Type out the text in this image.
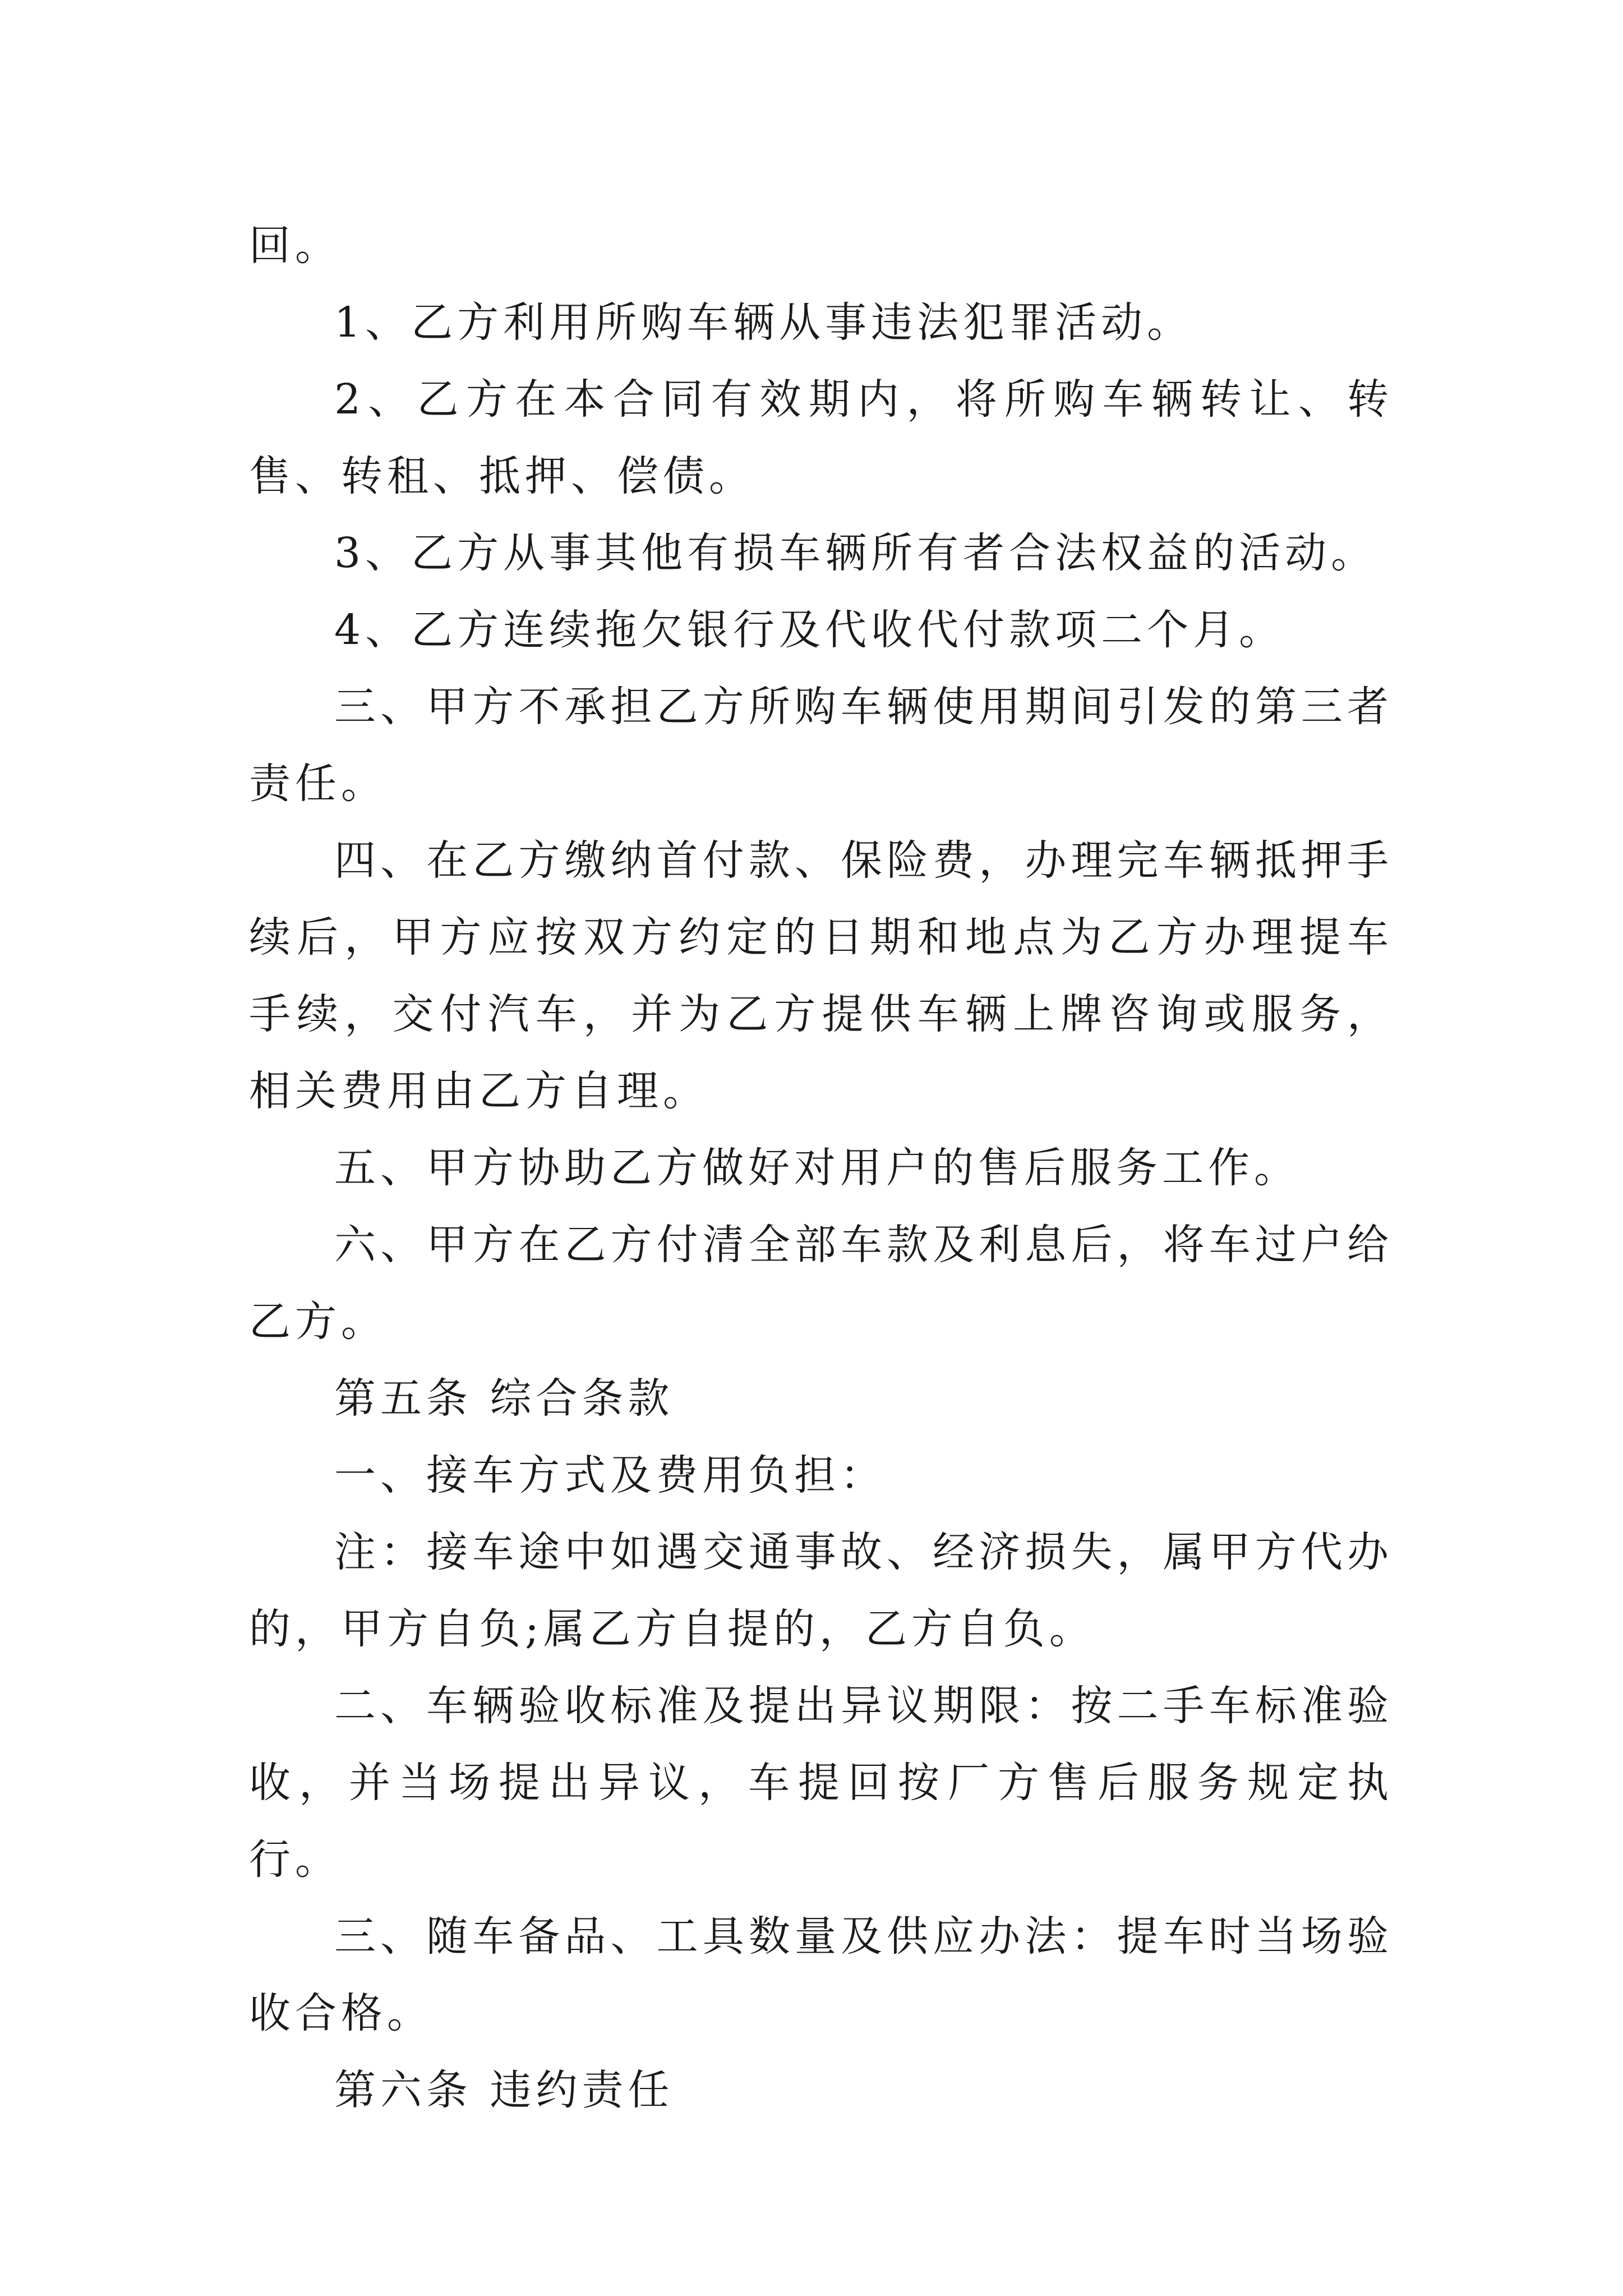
回。

1、乙方利用所购车辆从事违法犯罪活动。

2、乙方在本合同有效期内，将所购车辆转让、转售、转租、抵押、偿债。

3、乙方从事其他有损车辆所有者合法权益的活动。

4、乙方连续拖欠银行及代收代付款项二个月。

三、甲方不承担乙方所购车辆使用期间引发的第三者责任。

四、在乙方缴纳首付款、保险费，办理完车辆抵押手续后，甲方应按双方约定的日期和地点为乙方办理提车手续，交付汽车，并为乙方提供车辆上牌咨询或服务，相关费用由乙方自理。

五、甲方协助乙方做好对用户的售后服务工作。

六、甲方在乙方付清全部车款及利息后，将车过户给乙方。

第五条 综合条款

一、接车方式及费用负担：

注：接车途中如遇交通事故、经济损失，属甲方代办的，甲方自负;属乙方自提的，乙方自负。

二、车辆验收标准及提出异议期限：按二手车标准验收，并当场提出异议，车提回按厂方售后服务规定执行。

三、随车备品、工具数量及供应办法：提车时当场验收合格。

第六条 违约责任
